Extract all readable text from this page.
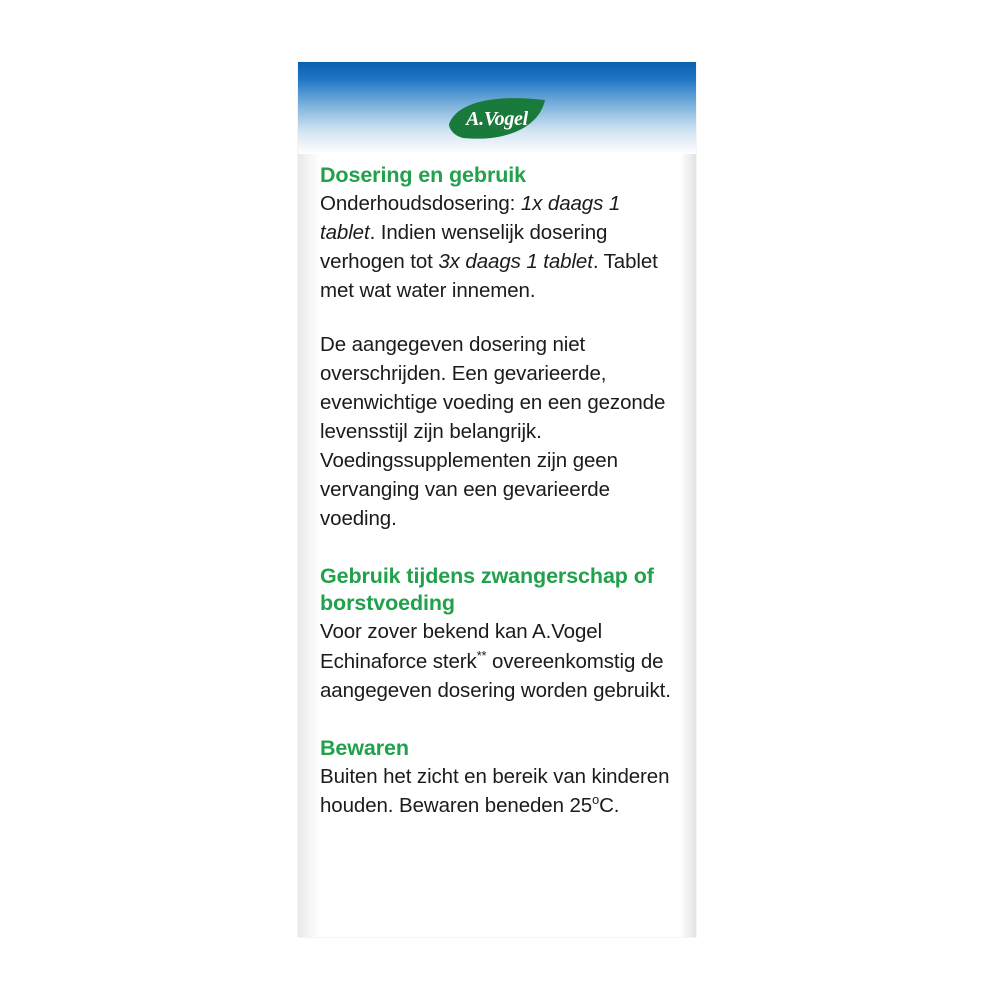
A.Vogel
Dosering en gebruik

Onderhoudsdosering: 1x daags 1 tablet. Indien wenselijk dosering verhogen tot 3x daags 1 tablet. Tablet met wat water innemen.

De aangegeven dosering niet overschrijden. Een gevarieerde, evenwichtige voeding en een gezonde levensstijl zijn belangrijk. Voedingssupplementen zijn geen vervanging van een gevarieerde voeding.

Gebruik tijdens zwangerschap of borstvoeding

Voor zover bekend kan A.Vogel Echinaforce sterk** overeenkomstig de aangegeven dosering worden gebruikt.

Bewaren

Buiten het zicht en bereik van kinderen houden. Bewaren beneden 25$^o$C.
